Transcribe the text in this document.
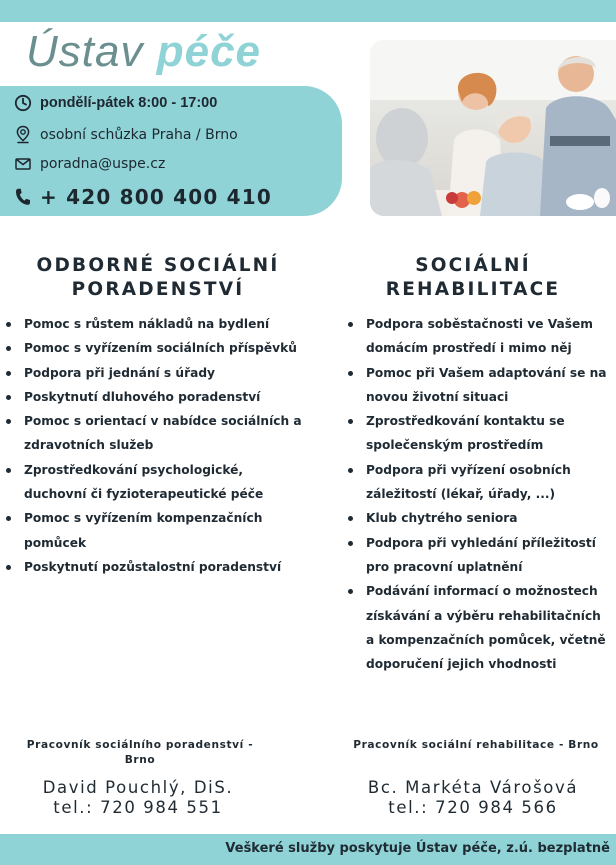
Ústav péče
pondělí-pátek 8:00 - 17:00
osobní schůzka Praha / Brno
poradna@uspe.cz
+ 420 800 400 410
ODBORNÉ SOCIÁLNÍ
PORADENSTVÍ
SOCIÁLNÍ
REHABILITACE
Pomoc s růstem nákladů na bydlení
Pomoc s vyřízením sociálních příspěvků
Podpora při jednání s úřady
Poskytnutí dluhového poradenství
Pomoc s orientací v nabídce sociálních a zdravotních služeb
Zprostředkování psychologické, duchovní či fyzioterapeutické péče
Pomoc s vyřízením kompenzačních pomůcek
Poskytnutí pozůstalostní poradenství
Podpora soběstačnosti ve Vašem domácím prostředí i mimo něj
Pomoc při Vašem adaptování se na novou životní situaci
Zprostředkování kontaktu se společenským prostředím
Podpora při vyřízení osobních záležitostí (lékař, úřady, ...)
Klub chytrého seniora
Podpora při vyhledání příležitostí pro pracovní uplatnění
Podávání informací o možnostech získávání a výběru rehabilitačních a kompenzačních pomůcek, včetně doporučení jejich vhodnosti
Pracovník sociálního poradenství - Brno
David Pouchlý, DiS.
tel.: 720 984 551
Pracovník sociální rehabilitace - Brno
Bc. Markéta Várošová
tel.: 720 984 566
Veškeré služby poskytuje Ústav péče, z.ú. bezplatně
